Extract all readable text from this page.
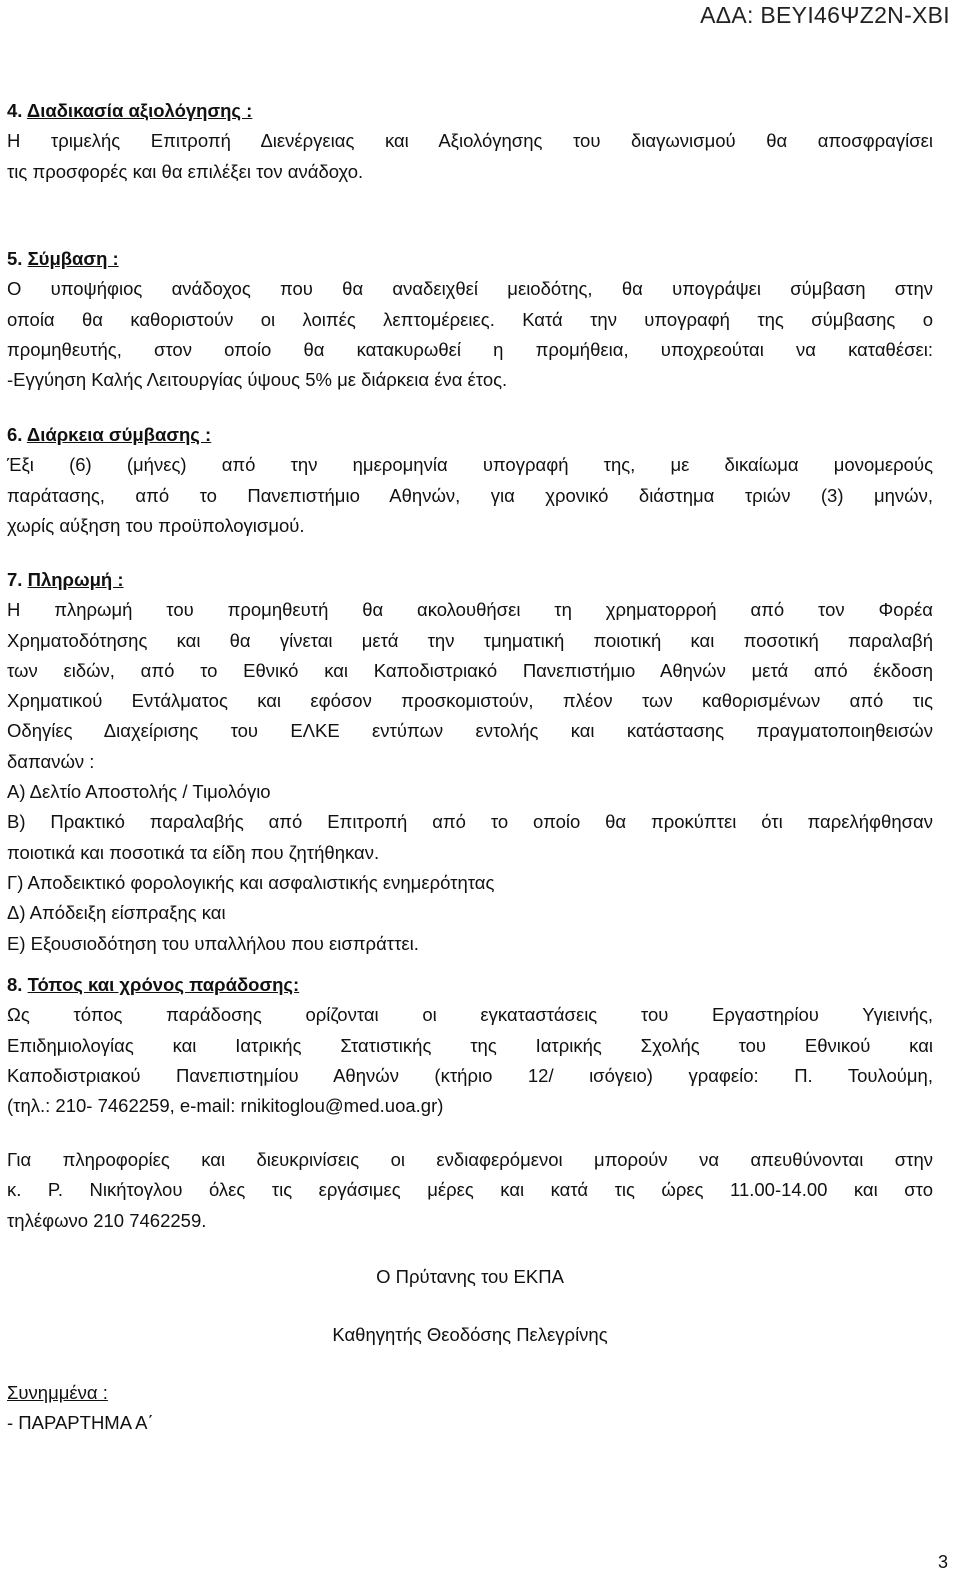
ΑΔΑ: ΒΕΥΙ46ΨΖ2Ν-ΧΒΙ
4. Διαδικασία αξιολόγησης :
Η τριμελής Επιτροπή Διενέργειας και Αξιολόγησης του διαγωνισμού θα αποσφραγίσει
τις προσφορές και θα επιλέξει τον ανάδοχο.
5. Σύμβαση :
Ο υποψήφιος ανάδοχος που θα αναδειχθεί μειοδότης, θα υπογράψει σύμβαση στην
οποία θα καθοριστούν οι λοιπές λεπτομέρειες. Κατά την υπογραφή της σύμβασης ο
προμηθευτής, στον οποίο θα κατακυρωθεί η προμήθεια, υποχρεούται να καταθέσει:
-Εγγύηση Καλής Λειτουργίας ύψους 5% με διάρκεια ένα έτος.
6. Διάρκεια σύμβασης :
Έξι (6) (μήνες) από την ημερομηνία υπογραφή της, με δικαίωμα μονομερούς
παράτασης, από το Πανεπιστήμιο Αθηνών, για χρονικό διάστημα τριών (3) μηνών,
χωρίς αύξηση του προϋπολογισμού.
7. Πληρωμή :
Η πληρωμή του προμηθευτή θα ακολουθήσει τη χρηματορροή από τον Φορέα
Χρηματοδότησης και θα γίνεται μετά την τμηματική ποιοτική και ποσοτική παραλαβή
των ειδών, από το Εθνικό και Καποδιστριακό Πανεπιστήμιο Αθηνών μετά από έκδοση
Χρηματικού Εντάλματος και εφόσον προσκομιστούν, πλέον των καθορισμένων από τις
Οδηγίες Διαχείρισης του ΕΛΚΕ εντύπων εντολής και κατάστασης πραγματοποιηθεισών
δαπανών :
Α) Δελτίο Αποστολής / Τιμολόγιο
Β) Πρακτικό παραλαβής από Επιτροπή από το οποίο θα προκύπτει ότι παρελήφθησαν
ποιοτικά και ποσοτικά τα είδη που ζητήθηκαν.
Γ) Αποδεικτικό φορολογικής και ασφαλιστικής ενημερότητας
Δ) Απόδειξη είσπραξης και
Ε) Εξουσιοδότηση του υπαλλήλου που εισπράττει.
8. Τόπος και χρόνος παράδοσης:
Ως τόπος παράδοσης ορίζονται οι εγκαταστάσεις του Εργαστηρίου Υγιεινής,
Επιδημιολογίας και Ιατρικής Στατιστικής της Ιατρικής Σχολής του Εθνικού και
Καποδιστριακού Πανεπιστημίου Αθηνών (κτήριο 12/ ισόγειο) γραφείο: Π. Τουλούμη,
(τηλ.: 210- 7462259, e-mail: rnikitoglou@med.uoa.gr)
Για πληροφορίες και διευκρινίσεις οι ενδιαφερόμενοι μπορούν να απευθύνονται στην
κ. Ρ. Νικήτογλου όλες τις εργάσιμες μέρες και κατά τις ώρες 11.00-14.00 και στο
τηλέφωνο 210 7462259.
Ο Πρύτανης του ΕΚΠΑ
Καθηγητής Θεοδόσης Πελεγρίνης
Συνημμένα :
- ΠΑΡΑΡΤΗΜΑ Α΄
3
